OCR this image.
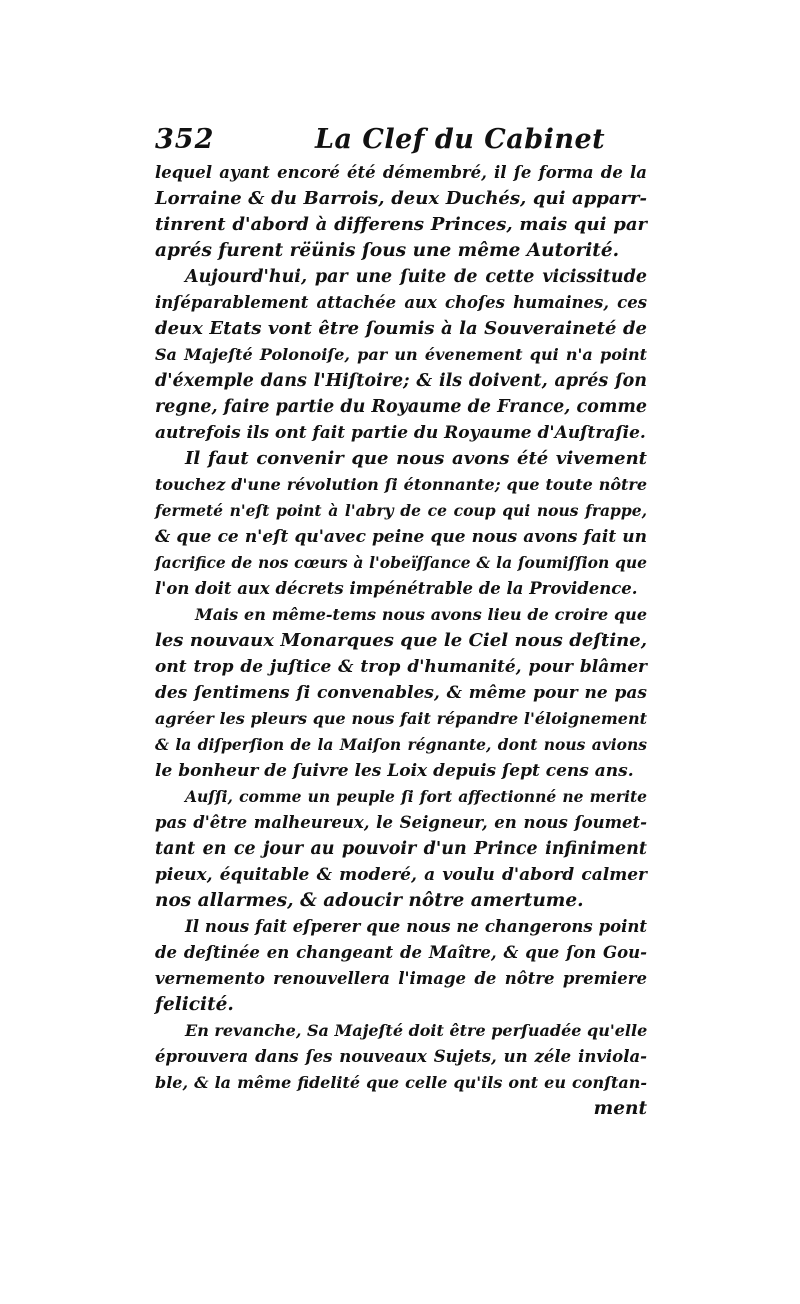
352	La Clef du Cabinet
lequel ayant encoré été démembré, il ſe forma de la
Lorraine & du Barrois, deux Duchés, qui apparr-
tinrent d'abord à differens Princes, mais qui par
aprés furent rëünis ſous une même Autorité.
Aujourd'hui, par une ſuite de cette vicissitude
inſéparablement attachée aux choſes humaines, ces
deux Etats vont être ſoumis à la Souveraineté de
Sa Majeſté Polonoiſe, par un évenement qui n'a point
d'éxemple dans l'Hiſtoire; & ils doivent, aprés ſon
regne, faire partie du Royaume de France, comme
autrefois ils ont fait partie du Royaume d'Auſtraſie.
Il faut convenir que nous avons été vivement
touchez d'une révolution ſi étonnante; que toute nôtre
fermeté n'eſt point à l'abry de ce coup qui nous frappe,
& que ce n'eſt qu'avec peine que nous avons fait un
ſacrifice de nos cœurs à l'obeïſſance & la ſoumiſſion que
l'on doit aux décrets impénétrable de la Providence.
Mais en même-tems nous avons lieu de croire que
les nouvaux Monarques que le Ciel nous deſtine,
ont trop de juſtice & trop d'humanité, pour blâmer
des ſentimens ſi convenables, & même pour ne pas
agréer les pleurs que nous fait répandre l'éloignement
& la diſperſion de la Maiſon régnante, dont nous avions
le bonheur de ſuivre les Loix depuis ſept cens ans.
Auſſi, comme un peuple ſi fort affectionné ne merite
pas d'être malheureux, le Seigneur, en nous ſoumet-
tant en ce jour au pouvoir d'un Prince infiniment
pieux, équitable & moderé, a voulu d'abord calmer
nos allarmes, & adoucir nôtre amertume.
Il nous fait eſperer que nous ne changerons point
de deſtinée en changeant de Maître, & que ſon Gou-
vernemento renouvellera l'image de nôtre premiere
felicité.
En revanche, Sa Majeſté doit être perſuadée qu'elle
éprouvera dans ſes nouveaux Sujets, un zéle inviola-
ble, & la même fidelité que celle qu'ils ont eu conſtan-
ment
